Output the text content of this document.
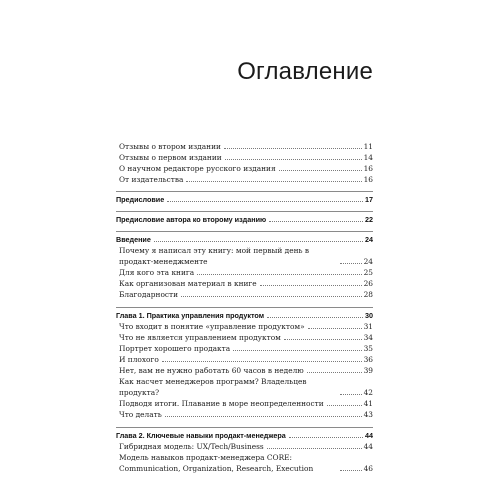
Оглавление
Отзывы о втором издании	11
Отзывы о первом издании	14
О научном редакторе русского издания	16
От издательства	16
Предисловие	17
Предисловие автора ко второму изданию	22
Введение	24
Почему я написал эту книгу: мой первый день в продакт-менеджменте	24
Для кого эта книга	25
Как организован материал в книге	26
Благодарности	28
Глава 1. Практика управления продуктом	30
Что входит в понятие «управление продуктом»	31
Что не является управлением продуктом	34
Портрет хорошего продакта	35
И плохого	36
Нет, вам не нужно работать 60 часов в неделю	39
Как насчет менеджеров программ? Владельцев продукта?	42
Подводя итоги. Плавание в море неопределенности	41
Что делать	43
Глава 2. Ключевые навыки продакт-менеджера	44
Гибридная модель: UX/Tech/Business	44
Модель навыков продакт-менеджера CORE: Communication, Organization, Research, Execution	46
